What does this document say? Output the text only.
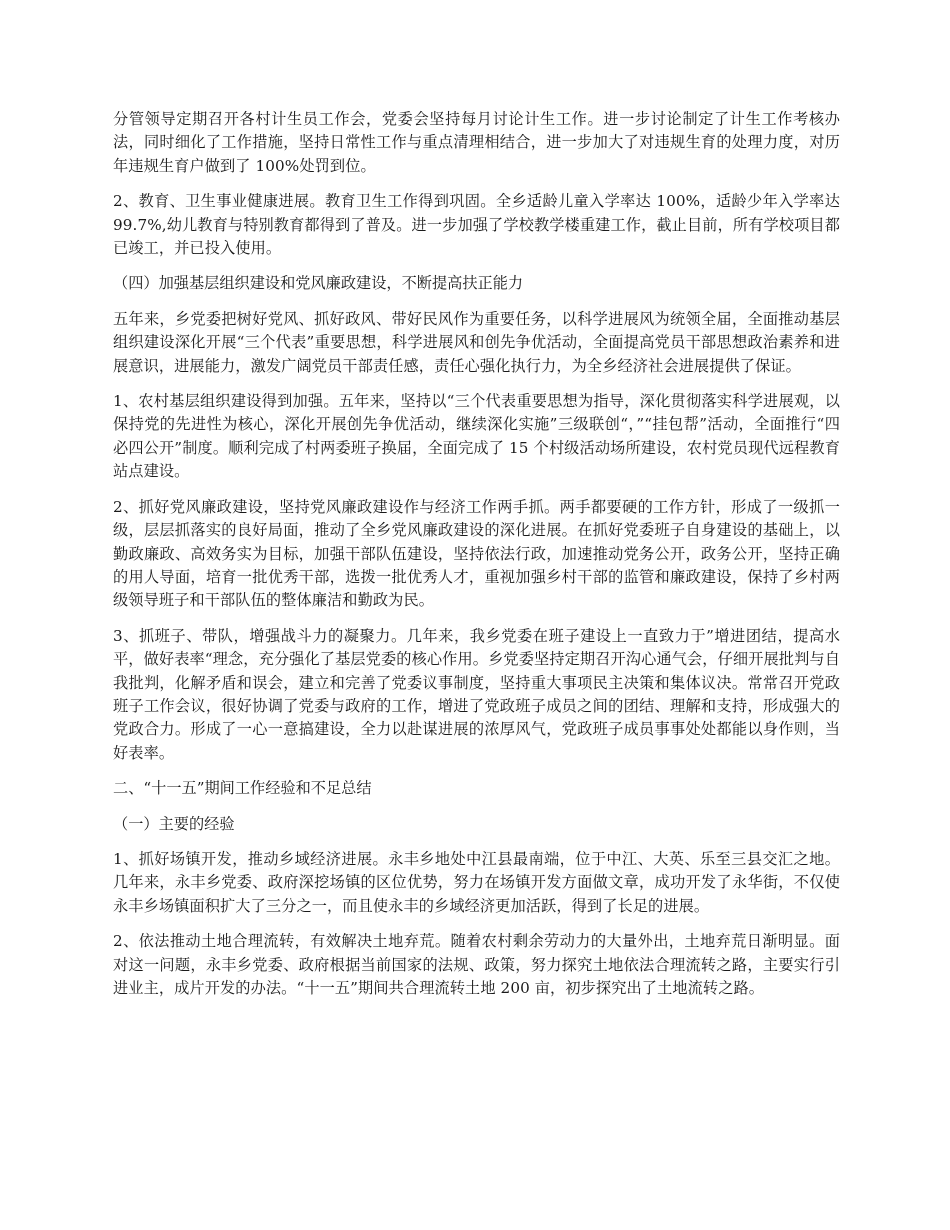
分管领导定期召开各村计生员工作会，党委会坚持每月讨论计生工作。进一步讨论制定了计生工作考核办法，同时细化了工作措施，坚持日常性工作与重点清理相结合，进一步加大了对违规生育的处理力度，对历年违规生育户做到了 100%处罚到位。

2、教育、卫生事业健康进展。教育卫生工作得到巩固。全乡适龄儿童入学率达 100%，适龄少年入学率达 99.7%,幼儿教育与特别教育都得到了普及。进一步加强了学校教学楼重建工作，截止目前，所有学校项目都已竣工，并已投入使用。

（四）加强基层组织建设和党风廉政建设，不断提高扶正能力

五年来，乡党委把树好党风、抓好政风、带好民风作为重要任务，以科学进展风为统领全届，全面推动基层组织建设深化开展“三个代表”重要思想，科学进展风和创先争优活动，全面提高党员干部思想政治素养和进展意识，进展能力，激发广阔党员干部责任感，责任心强化执行力，为全乡经济社会进展提供了保证。

1、农村基层组织建设得到加强。五年来，坚持以“三个代表重要思想为指导，深化贯彻落实科学进展观，以保持党的先进性为核心，深化开展创先争优活动，继续深化实施”三级联创“，”“挂包帮”活动，全面推行“四必四公开”制度。顺利完成了村两委班子换届，全面完成了 15 个村级活动场所建设，农村党员现代远程教育站点建设。

2、抓好党风廉政建设，坚持党风廉政建设作与经济工作两手抓。两手都要硬的工作方针，形成了一级抓一级，层层抓落实的良好局面，推动了全乡党风廉政建设的深化进展。在抓好党委班子自身建设的基础上，以勤政廉政、高效务实为目标，加强干部队伍建设，坚持依法行政，加速推动党务公开，政务公开，坚持正确的用人导面，培育一批优秀干部，选拨一批优秀人才，重视加强乡村干部的监管和廉政建设，保持了乡村两级领导班子和干部队伍的整体廉洁和勤政为民。

3、抓班子、带队，增强战斗力的凝聚力。几年来，我乡党委在班子建设上一直致力于”增进团结，提高水平，做好表率“理念，充分强化了基层党委的核心作用。乡党委坚持定期召开沟心通气会，仔细开展批判与自我批判，化解矛盾和误会，建立和完善了党委议事制度，坚持重大事项民主决策和集体议决。常常召开党政班子工作会议，很好协调了党委与政府的工作，增进了党政班子成员之间的团结、理解和支持，形成强大的党政合力。形成了一心一意搞建设，全力以赴谋进展的浓厚风气，党政班子成员事事处处都能以身作则，当好表率。

二、“十一五”期间工作经验和不足总结

（一）主要的经验

1、抓好场镇开发，推动乡域经济进展。永丰乡地处中江县最南端，位于中江、大英、乐至三县交汇之地。几年来，永丰乡党委、政府深挖场镇的区位优势，努力在场镇开发方面做文章，成功开发了永华街，不仅使永丰乡场镇面积扩大了三分之一，而且使永丰的乡域经济更加活跃，得到了长足的进展。

2、依法推动土地合理流转，有效解决土地弃荒。随着农村剩余劳动力的大量外出，土地弃荒日渐明显。面对这一问题，永丰乡党委、政府根据当前国家的法规、政策，努力探究土地依法合理流转之路，主要实行引进业主，成片开发的办法。“十一五”期间共合理流转土地 200 亩，初步探究出了土地流转之路。
